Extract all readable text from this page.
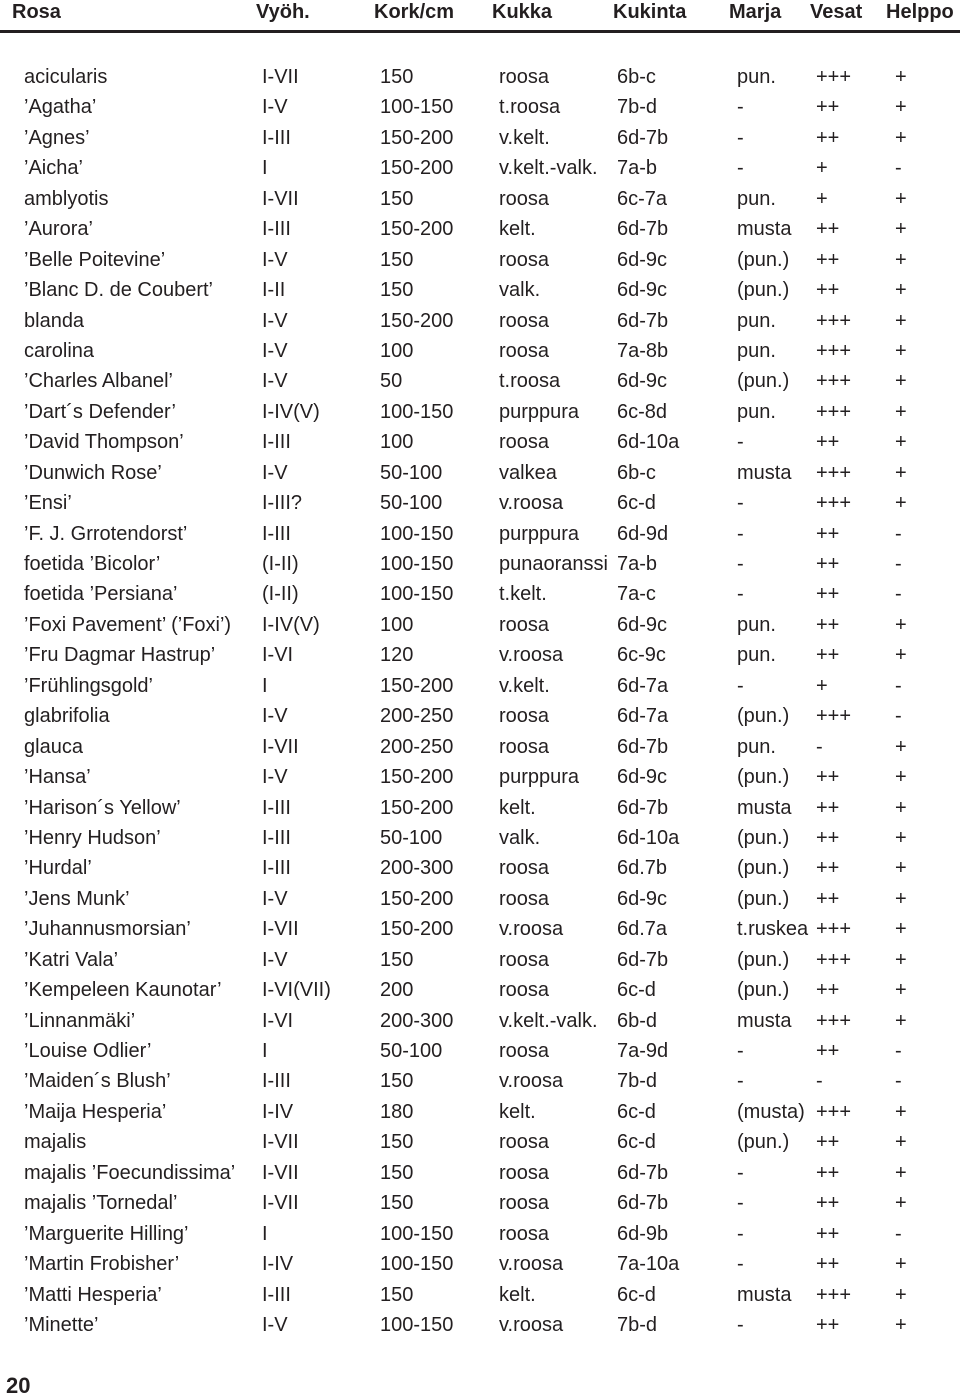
Rosa	Vyöh.	Kork/cm Kukka	Kukinta Marja Vesat Helppo
acicularis	I-VII	150	roosa	6b-c	pun. +++ +
’Agatha’	I-V	100-150 t.roosa	7b-d	-	++	+
’Agnes’	I-III	150-200 v.kelt.	6d-7b	-	++	+
’Aicha’	I	150-200 v.kelt.-valk. 7a-b	-	+	-
amblyotis	I-VII	150	roosa	6c-7a	pun. +	+
’Aurora’	I-III	150-200 kelt.	6d-7b	musta ++	+
’Belle Poitevine’	I-V	150	roosa	6d-9c	(pun.) ++	+
’Blanc D. de Coubert’ I-II	150	valk.	6d-9c	(pun.) ++	+
blanda	I-V	150-200 roosa	6d-7b	pun. +++ +
carolina	I-V	100	roosa	7a-8b	pun. +++ +
’Charles Albanel’	I-V	50	t.roosa	6d-9c	(pun.) +++ +
’Dart´s Defender’	I-IV(V)	100-150 purppura 6c-8d	pun. +++ +
’David Thompson’	I-III	100	roosa	6d-10a	-	++	+
’Dunwich Rose’	I-V	50-100	valkea	6b-c	musta +++ +
’Ensi’	I-III?	50-100	v.roosa	6c-d	-	+++ +
’F. J. Grrotendorst’	I-III	100-150 purppura 6d-9d	-	++	-
foetida ’Bicolor’	(I-II)	100-150 punaoranssi 7a-b	-	++	-
foetida ’Persiana’	(I-II)	100-150 t.kelt.	7a-c	-	++	-
’Foxi Pavement’ (’Foxi’) I-IV(V)	100	roosa	6d-9c	pun. ++	+
’Fru Dagmar Hastrup’ I-VI	120	v.roosa	6c-9c	pun. ++	+
’Frühlingsgold’	I	150-200 v.kelt.	6d-7a	-	+	-
glabrifolia	I-V	200-250 roosa	6d-7a	(pun.) +++ -
glauca	I-VII	200-250 roosa	6d-7b	pun. -	+
’Hansa’	I-V	150-200 purppura 6d-9c	(pun.) ++	+
’Harison´s Yellow’	I-III	150-200 kelt.	6d-7b	musta ++	+
’Henry Hudson’	I-III	50-100	valk.	6d-10a	(pun.) ++	+
’Hurdal’	I-III	200-300 roosa	6d.7b	(pun.) ++	+
’Jens Munk’	I-V	150-200 roosa	6d-9c	(pun.) ++	+
’Juhannusmorsian’	I-VII	150-200 v.roosa	6d.7a	t.ruskea +++ +
’Katri Vala’	I-V	150	roosa	6d-7b	(pun.) +++ +
’Kempeleen Kaunotar’ I-VI(VII) 200	roosa	6c-d	(pun.) ++	+
’Linnanmäki’	I-VI	200-300 v.kelt.-valk. 6b-d	musta +++ +
’Louise Odlier’	I	50-100	roosa	7a-9d	-	++	-
’Maiden´s Blush’	I-III	150	v.roosa	7b-d	-	-	-
’Maija Hesperia’	I-IV	180	kelt.	6c-d	(musta) +++ +
majalis	I-VII	150	roosa	6c-d	(pun.) ++	+
majalis ’Foecundissima’ I-VII	150	roosa	6d-7b	-	++	+
majalis ’Tornedal’	I-VII	150	roosa	6d-7b	-	++	+
’Marguerite Hilling’	I	100-150 roosa	6d-9b	-	++	-
’Martin Frobisher’	I-IV	100-150 v.roosa	7a-10a	-	++	+
’Matti Hesperia’	I-III	150	kelt.	6c-d	musta +++ +
’Minette’	I-V	100-150 v.roosa	7b-d	-	++	+
20
